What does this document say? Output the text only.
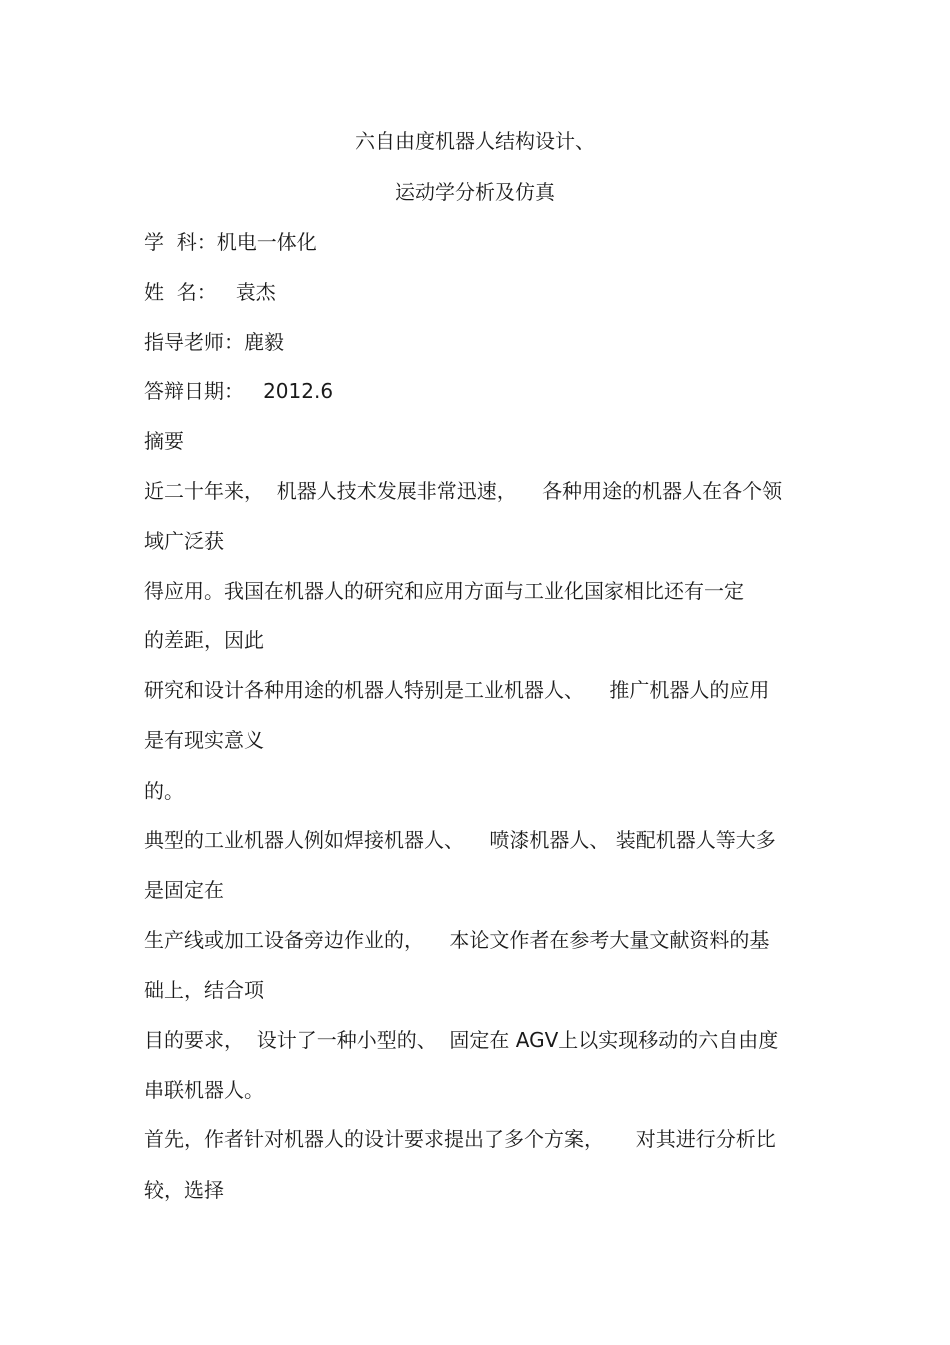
六自由度机器人结构设计、
运动学分析及仿真
学  科：机电一体化
姓  名：   袁杰
指导老师：鹿毅
答辩日期：   2012.6
摘要
近二十年来，  机器人技术发展非常迅速，    各种用途的机器人在各个领
域广泛获
得应用。我国在机器人的研究和应用方面与工业化国家相比还有一定
的差距，因此
研究和设计各种用途的机器人特别是工业机器人、    推广机器人的应用
是有现实意义
的。
典型的工业机器人例如焊接机器人、    喷漆机器人、 装配机器人等大多
是固定在
生产线或加工设备旁边作业的，    本论文作者在参考大量文献资料的基
础上，结合项
目的要求，  设计了一种小型的、  固定在 AGV上以实现移动的六自由度
串联机器人。
首先，作者针对机器人的设计要求提出了多个方案，     对其进行分析比
较，选择
